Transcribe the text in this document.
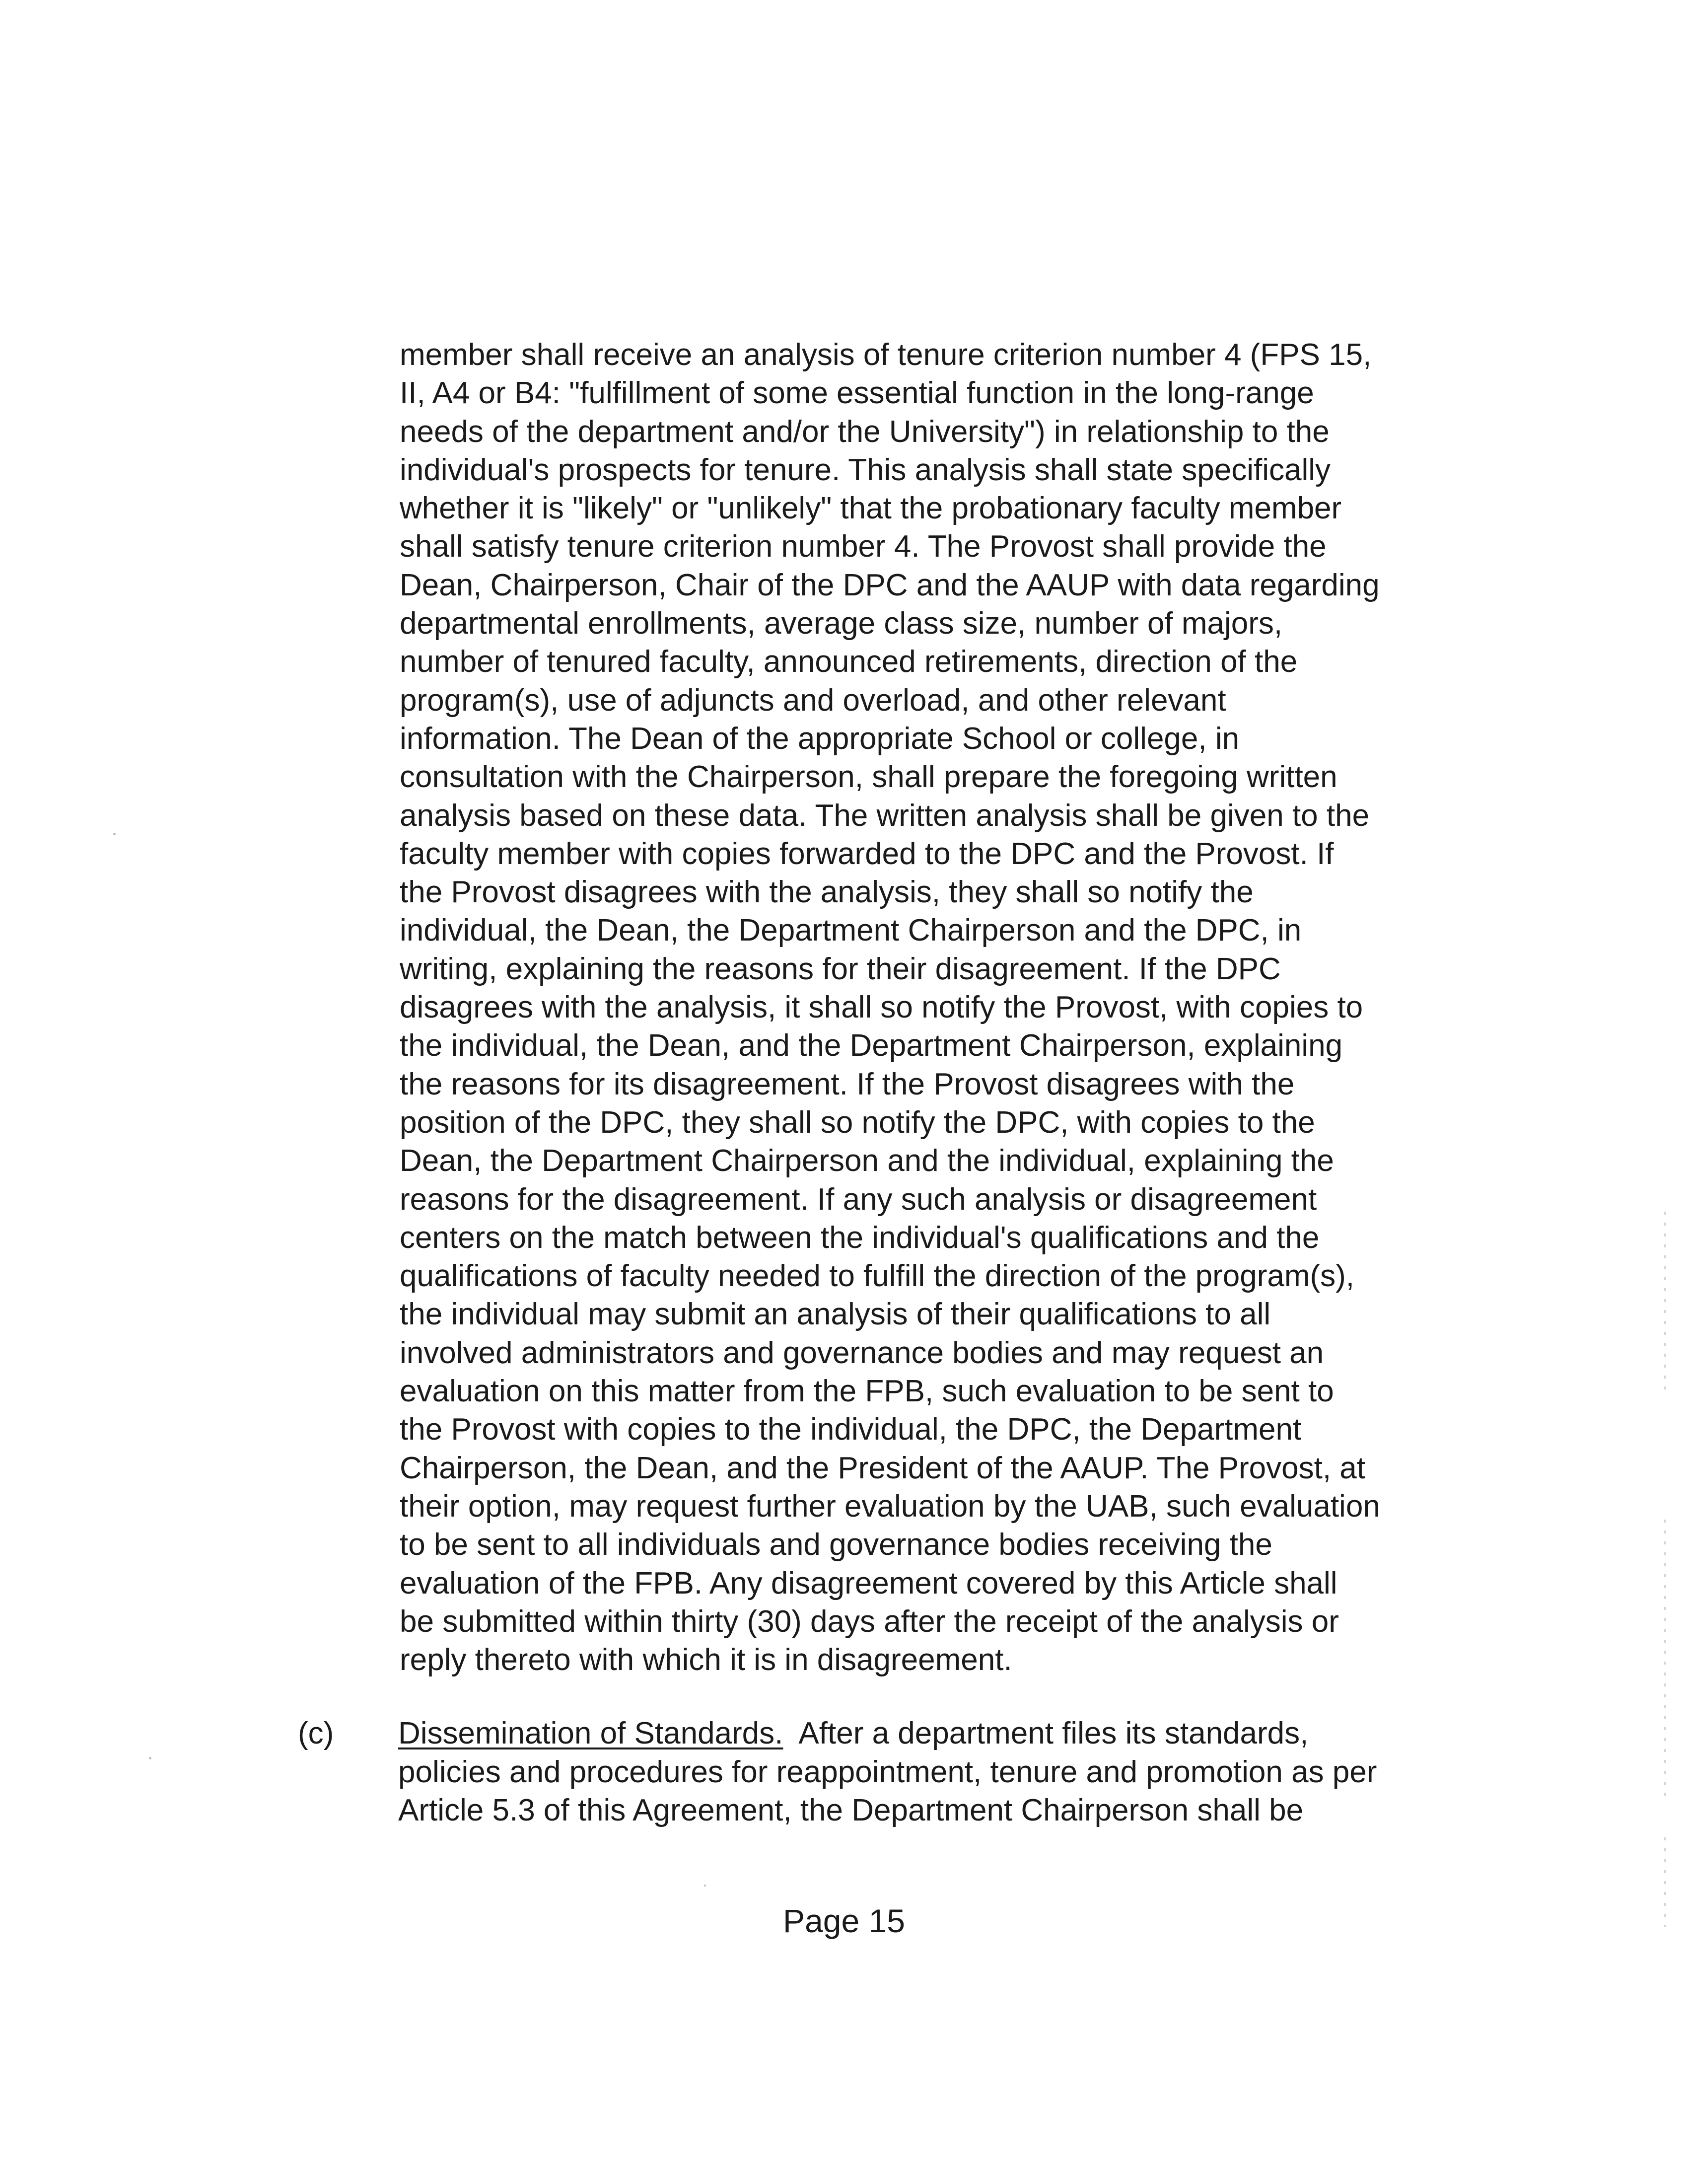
member shall receive an analysis of tenure criterion number 4 (FPS 15,
II, A4 or B4: "fulfillment of some essential function in the long-range
needs of the department and/or the University") in relationship to the
individual's prospects for tenure. This analysis shall state specifically
whether it is "likely" or "unlikely" that the probationary faculty member
shall satisfy tenure criterion number 4. The Provost shall provide the
Dean, Chairperson, Chair of the DPC and the AAUP with data regarding
departmental enrollments, average class size, number of majors,
number of tenured faculty, announced retirements, direction of the
program(s), use of adjuncts and overload, and other relevant
information. The Dean of the appropriate School or college, in
consultation with the Chairperson, shall prepare the foregoing written
analysis based on these data. The written analysis shall be given to the
faculty member with copies forwarded to the DPC and the Provost. If
the Provost disagrees with the analysis, they shall so notify the
individual, the Dean, the Department Chairperson and the DPC, in
writing, explaining the reasons for their disagreement. If the DPC
disagrees with the analysis, it shall so notify the Provost, with copies to
the individual, the Dean, and the Department Chairperson, explaining
the reasons for its disagreement. If the Provost disagrees with the
position of the DPC, they shall so notify the DPC, with copies to the
Dean, the Department Chairperson and the individual, explaining the
reasons for the disagreement. If any such analysis or disagreement
centers on the match between the individual's qualifications and the
qualifications of faculty needed to fulfill the direction of the program(s),
the individual may submit an analysis of their qualifications to all
involved administrators and governance bodies and may request an
evaluation on this matter from the FPB, such evaluation to be sent to
the Provost with copies to the individual, the DPC, the Department
Chairperson, the Dean, and the President of the AAUP. The Provost, at
their option, may request further evaluation by the UAB, such evaluation
to be sent to all individuals and governance bodies receiving the
evaluation of the FPB. Any disagreement covered by this Article shall
be submitted within thirty (30) days after the receipt of the analysis or
reply thereto with which it is in disagreement.
(c) Dissemination of Standards.  After a department files its standards,
policies and procedures for reappointment, tenure and promotion as per
Article 5.3 of this Agreement, the Department Chairperson shall be
Page 15
